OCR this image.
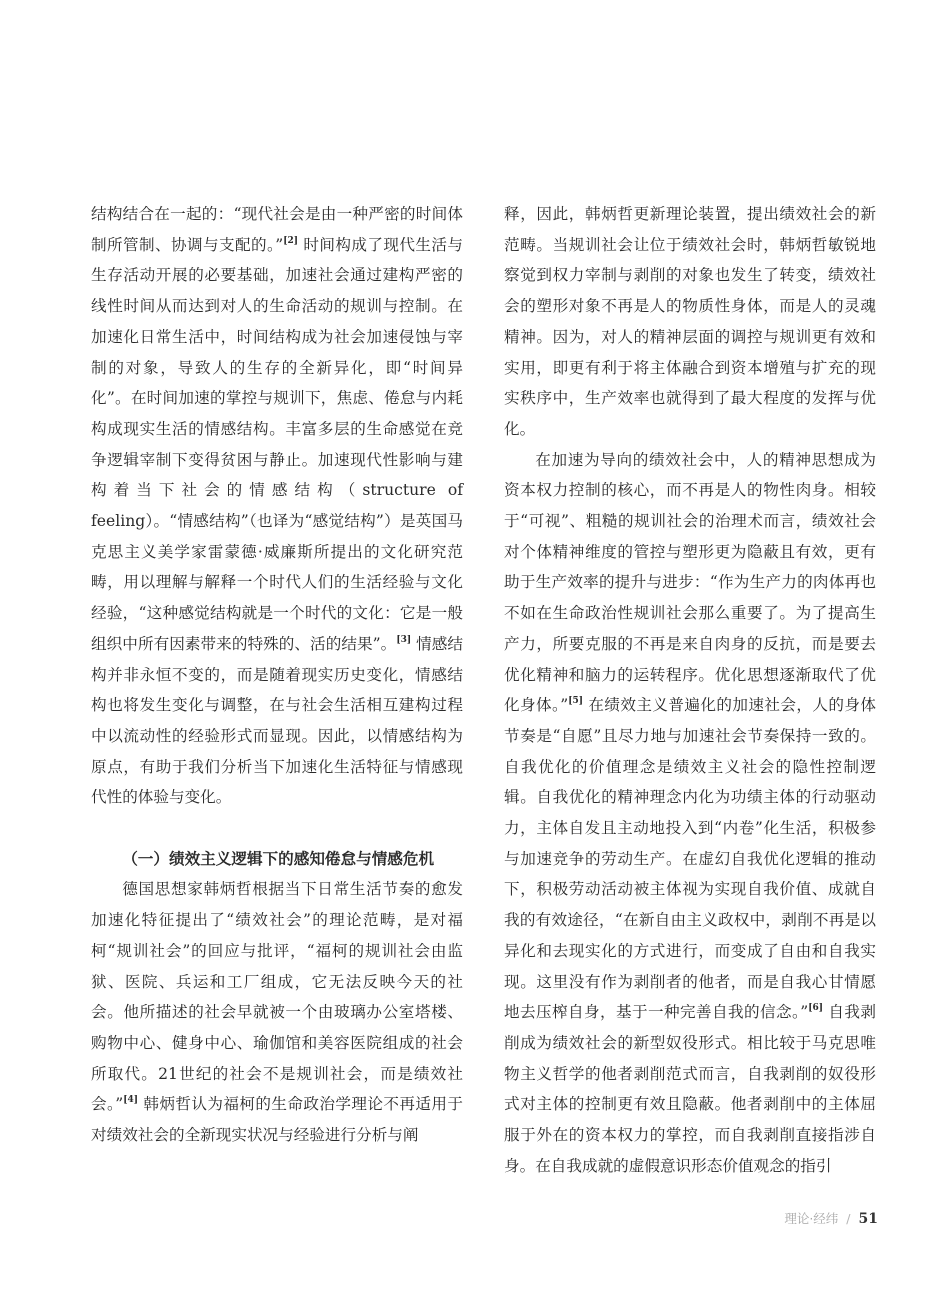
结构结合在一起的：“现代社会是由一种严密的时间体制所管制、协调与支配的。”[2] 时间构成了现代生活与生存活动开展的必要基础，加速社会通过建构严密的线性时间从而达到对人的生命活动的规训与控制。在加速化日常生活中，时间结构成为社会加速侵蚀与宰制的对象，导致人的生存的全新异化，即“时间异化”。在时间加速的掌控与规训下，焦虑、倦怠与内耗构成现实生活的情感结构。丰富多层的生命感觉在竞争逻辑宰制下变得贫困与静止。加速现代性影响与建构着当下社会的情感结构（structure of feeling）。“情感结构”（也译为“感觉结构”）是英国马克思主义美学家雷蒙德·威廉斯所提出的文化研究范畴，用以理解与解释一个时代人们的生活经验与文化经验，“这种感觉结构就是一个时代的文化：它是一般组织中所有因素带来的特殊的、活的结果”。[3] 情感结构并非永恒不变的，而是随着现实历史变化，情感结构也将发生变化与调整，在与社会生活相互建构过程中以流动性的经验形式而显现。因此，以情感结构为原点，有助于我们分析当下加速化生活特征与情感现代性的体验与变化。

（一）绩效主义逻辑下的感知倦怠与情感危机

德国思想家韩炳哲根据当下日常生活节奏的愈发加速化特征提出了“绩效社会”的理论范畴，是对福柯“规训社会”的回应与批评，“福柯的规训社会由监狱、医院、兵运和工厂组成，它无法反映今天的社会。他所描述的社会早就被一个由玻璃办公室塔楼、购物中心、健身中心、瑜伽馆和美容医院组成的社会所取代。21世纪的社会不是规训社会，而是绩效社会。”[4] 韩炳哲认为福柯的生命政治学理论不再适用于对绩效社会的全新现实状况与经验进行分析与阐

释，因此，韩炳哲更新理论装置，提出绩效社会的新范畴。当规训社会让位于绩效社会时，韩炳哲敏锐地察觉到权力宰制与剥削的对象也发生了转变，绩效社会的塑形对象不再是人的物质性身体，而是人的灵魂精神。因为，对人的精神层面的调控与规训更有效和实用，即更有利于将主体融合到资本增殖与扩充的现实秩序中，生产效率也就得到了最大程度的发挥与优化。

在加速为导向的绩效社会中，人的精神思想成为资本权力控制的核心，而不再是人的物性肉身。相较于“可视”、粗糙的规训社会的治理术而言，绩效社会对个体精神维度的管控与塑形更为隐蔽且有效，更有助于生产效率的提升与进步：“作为生产力的肉体再也不如在生命政治性规训社会那么重要了。为了提高生产力，所要克服的不再是来自肉身的反抗，而是要去优化精神和脑力的运转程序。优化思想逐渐取代了优化身体。”[5] 在绩效主义普遍化的加速社会，人的身体节奏是“自愿”且尽力地与加速社会节奏保持一致的。自我优化的价值理念是绩效主义社会的隐性控制逻辑。自我优化的精神理念内化为功绩主体的行动驱动力，主体自发且主动地投入到“内卷”化生活，积极参与加速竞争的劳动生产。在虚幻自我优化逻辑的推动下，积极劳动活动被主体视为实现自我价值、成就自我的有效途径，“在新自由主义政权中，剥削不再是以异化和去现实化的方式进行，而变成了自由和自我实现。这里没有作为剥削者的他者，而是自我心甘情愿地去压榨自身，基于一种完善自我的信念。”[6] 自我剥削成为绩效社会的新型奴役形式。相比较于马克思唯物主义哲学的他者剥削范式而言，自我剥削的奴役形式对主体的控制更有效且隐蔽。他者剥削中的主体屈服于外在的资本权力的掌控，而自我剥削直接指涉自身。在自我成就的虚假意识形态价值观念的指引

理论·经纬 / 51
